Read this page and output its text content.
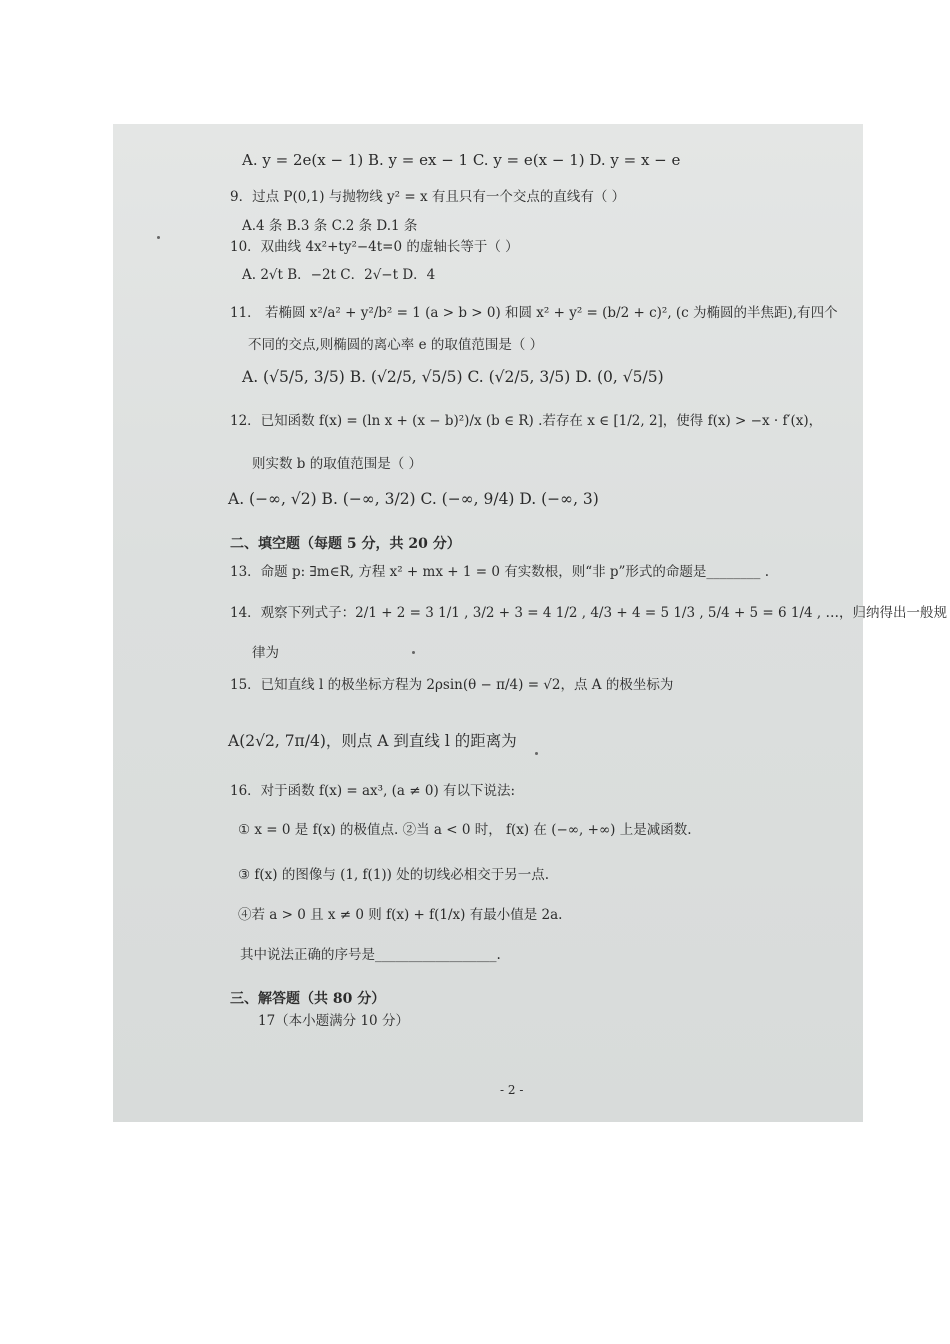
A. y = 2e(x − 1) B. y = ex − 1 C. y = e(x − 1) D. y = x − e
9．过点 P(0,1) 与抛物线 y² = x 有且只有一个交点的直线有（ ）
A.4 条 B.3 条 C.2 条 D.1 条
10．双曲线 4x²+ty²−4t=0 的虚轴长等于（ ）
A. 2√t B．−2t C．2√−t D．4
11． 若椭圆 x²/a² + y²/b² = 1 (a > b > 0) 和圆 x² + y² = (b/2 + c)², (c 为椭圆的半焦距),有四个
不同的交点,则椭圆的离心率 e 的取值范围是（ ）
A. (√5/5, 3/5) B. (√2/5, √5/5) C. (√2/5, 3/5) D. (0, √5/5)
12．已知函数 f(x) = (ln x + (x − b)²)/x (b ∈ R) .若存在 x ∈ [1/2, 2]，使得 f(x) > −x · f′(x)，
则实数 b 的取值范围是（ ）
A. (−∞, √2) B. (−∞, 3/2) C. (−∞, 9/4) D. (−∞, 3)
二、填空题（每题 5 分，共 20 分）
13．命题 p: ∃m∈R, 方程 x² + mx + 1 = 0 有实数根，则“非 p”形式的命题是________ .
14．观察下列式子：2/1 + 2 = 3 1/1 , 3/2 + 3 = 4 1/2 , 4/3 + 4 = 5 1/3 , 5/4 + 5 = 6 1/4 , …，归纳得出一般规
律为
15．已知直线 l 的极坐标方程为 2ρsin(θ − π/4) = √2，点 A 的极坐标为
A(2√2, 7π/4)，则点 A 到直线 l 的距离为
16．对于函数 f(x) = ax³, (a ≠ 0) 有以下说法:
① x = 0 是 f(x) 的极值点. ②当 a < 0 时， f(x) 在 (−∞, +∞) 上是减函数.
③ f(x) 的图像与 (1, f(1)) 处的切线必相交于另一点.
④若 a > 0 且 x ≠ 0 则 f(x) + f(1/x) 有最小值是 2a.
其中说法正确的序号是__________________.
三、解答题（共 80 分）
17（本小题满分 10 分）
- 2 -
